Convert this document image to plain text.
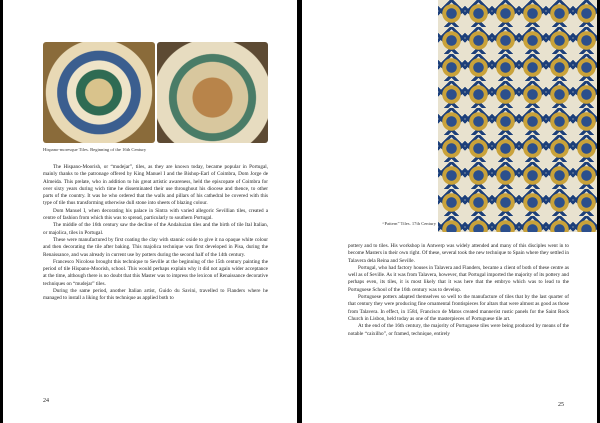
Hispano-moresque Tiles. Beginning of the 16th Century

The Hispano-Moorish, or “mudejar”, tiles, as they are known today, became popular in Portugal, mainly thanks to the patronage offered by King Manuel I and the Bishop-Earl of Coimbra, Dom Jorge de Almeida. This prelate, who in addition to his great artistic awareness, held the episcopate of Coimbra for over sixty years during wich time he disseminated their use throughout his diocese and thence, to other parts of the country. It was he who ordered that the walls and pillars of his cathedral be covered with this type of tile thus transforming otherwise dull stone into sheets of blazing colour.

Dom Manuel I, when decorating his palace in Sintra with varied allegoric Sevillian tiles, created a centre of fashion from which this was to spread, particularly to southern Portugal.

The middle of the 16th century saw the decline of the Andaluzian tiles and the birth of tile Ital Italian, or majolica, tiles in Portugal.

These were manufactured by first coating the clay with stannic oxide to give it na opaque white colour and then decorating the tile after baking. This majolica technique was first developed in Pisa, during the Renaissance, and was already in current use by potters during the second half of the 14th century.

Francesco Nicoloso brought this technique to Seville at the beginning of the 15th century painting the period of tile Hispano-Moorish, school. This would perhaps explain why it did not again wider acceptance at the time, although there is no doubt that this Master was to impress the lexicon of Renaissance decorative techniques on “mudejar” tiles.

During the same period, another Italian artist, Guido du Savini, travelled to Flanders where he managed to install a liking for this technique as applied both to

24
“Pattern” Tiles. 17th Century

pottery and to tiles. His workshop in Antwerp was widely attended and many of this disciples went in to become Masters in their own right. Of these, several took the new technique to Spain where they settled in Talavera dela Reina and Seville.

Portugal, who had factory houses in Talavera and Flanders, became a client of both of these centre as well as of Seville. As it was from Talavera, however, that Portugal imported the majority of its pottery and perhaps even, its tiles, it is most likely that it was here that the embryo which was to lead to the Portuguese School of the 16th century was to develop.

Portuguese potters adapted themselves so well to the manufacture of tiles that by the last quarter of that century they were producing fine ornamental frontispieces for altars that were almost as good as those from Talavera. In effect, in 1584, Francisco de Matos created mannerist rustic panels for the Saint Rock Church in Lisbon, held today as one of the masterpieces of Portuguese tile art.

At the end of the 16th century, the majority of Portuguese tiles were being produced by means of the notable “caixilho”, or framed, technique, entirely

25
